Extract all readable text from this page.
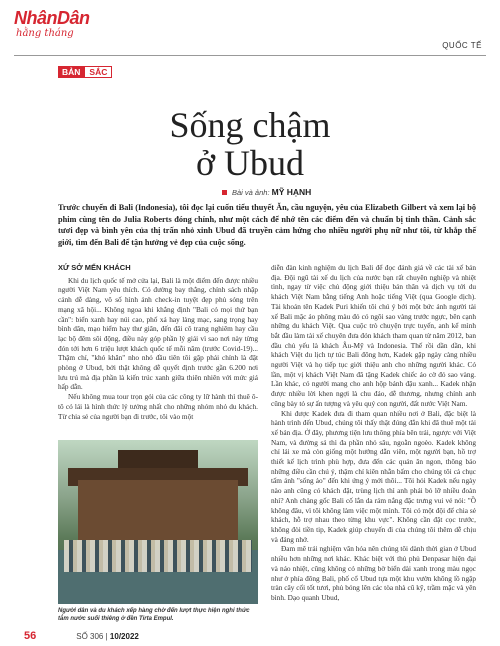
NhânDân
hằng tháng
QUỐC TẾ
BẢN	SẮC
Sống chậm
ở Ubud
Bài và ảnh: MỸ HẠNH
Trước chuyến đi Bali (Indonesia), tôi đọc lại cuốn tiểu thuyết Ăn, cầu nguyện, yêu của Elizabeth Gilbert và xem lại bộ phim cùng tên do Julia Roberts đóng chính, như một cách để nhớ tên các điểm đến và chuẩn bị tinh thần. Cảnh sắc tươi đẹp và bình yên của thị trấn nhỏ xinh Ubud đã truyền cảm hứng cho nhiều người phụ nữ như tôi, từ khắp thế giới, tìm đến Bali để tận hưởng vẻ đẹp của cuộc sống.
XỨ SỞ MẾN KHÁCH

Khi du lịch quốc tế mở cửa lại, Bali là một điểm đến được nhiều người Việt Nam yêu thích. Có đường bay thẳng, chính sách nhập cảnh dễ dàng, vô số hình ảnh check-in tuyệt đẹp phủ sóng trên mạng xã hội... Không ngoa khi khẳng định "Bali có mọi thứ bạn cần": biển xanh hay núi cao, phố xá hay làng mạc, sang trọng hay bình dân, mạo hiểm hay thư giãn, đến đâi cô trang nghiêm hay cầu lạc bộ đêm sôi động, điều này góp phần lý giải vì sao nơi này từng đón tới hơn 6 triệu lượt khách quốc tế mỗi năm (trước Covid-19)... Thậm chí, "khó khăn" nho nhỏ đầu tiên tôi gặp phải chính là đặt phòng ở Ubud, bởi thật không dễ quyết định trước gần 6.200 nơi lưu trú mà địa phần là kiến trúc xanh giữa thiên nhiên với mức giá hấp dẫn.

Nếu không mua tour trọn gói của các công ty lữ hành thì thuê ô-tô có lái là hình thức lý tưởng nhất cho những nhóm nhỏ du khách. Từ chia sẻ của người bạn đi trước, tôi vào một

Người dân và du khách xếp hàng chờ đến lượt thực hiện nghi thức tắm nước suối thiêng ở đền Tirta Empul.

diễn đàn kinh nghiệm du lịch Bali để đọc đánh giá về các tài xế bản địa. Đội ngũ tài xế du lịch của nước bạn rất chuyên nghiệp và nhiệt tình, ngay từ việc chủ động giới thiệu bản thân và dịch vụ tới du khách Việt Nam bằng tiếng Anh hoặc tiếng Việt (qua Google dịch). Tài khoản tên Kadek Puri khiến tôi chú ý bởi một bức ảnh người tài xế Bali mặc áo phông màu đỏ có ngôi sao vàng trước ngực, bên cạnh những du khách Việt. Qua cuộc trò chuyện trực tuyến, anh kể mình bắt đầu làm tài xế chuyên đưa đón khách tham quan từ năm 2012, ban đầu chủ yếu là khách Âu-Mỹ và Indonesia. Thế rồi dần dần, khi khách Việt du lịch tự túc Bali đông hơn, Kadek gặp ngày càng nhiều người Việt và họ tiếp tục giới thiệu anh cho những người khác. Có lần, một vị khách Việt Nam đã tặng Kadek chiếc áo cờ đỏ sao vàng. Lần khác, có người mang cho anh hộp bánh đậu xanh... Kadek nhận được nhiều lời khen ngợi là chu đáo, dễ thương, nhưng chính anh cũng bày tỏ sự ấn tượng và yêu quý con người, đất nước Việt Nam.

Khi được Kadek đưa đi tham quan nhiều nơi ở Bali, đặc biệt là hành trình đến Ubud, chúng tôi thấy thật đúng đắn khi đã thuê một tài xế bản địa. Ở đây, phương tiện lưu thông phía bên trái, ngược với Việt Nam, và đường sá thì đa phần nhỏ sâu, ngoằn ngoèo. Kadek không chỉ lái xe mà còn giống một hướng dẫn viên, một người bạn, hồ trợ thiết kế lịch trình phù hợp, đưa đến các quán ăn ngon, thông báo những điều cần chú ý, thậm chí kiên nhẫn bấm cho chúng tôi cả chục tấm ảnh "sống ảo" đến khi ứng ý mới thôi... Tôi hỏi Kadek nếu ngày nào anh cũng có khách đặt, trùng lịch thì anh phải bỏ lỡ nhiều đoàn nhỉ? Anh chàng gốc Bali cố lắn da rám nắng đặc trưng vui vẻ nói: "Ồ không đâu, vì tôi không làm việc một mình. Tôi có một đội để chia sẻ khách, hỗ trợ nhau theo từng khu vực". Không cần đặt cọc trước, không đòi tiền tip, Kadek giúp chuyến đi của chúng tôi thêm dễ chịu và đáng nhớ.

Đam mê trải nghiệm văn hóa nên chúng tôi dành thời gian ở Ubud nhiều hơn những nơi khác. Khác biệt với thủ phủ Denpasar hiện đại và náo nhiệt, cũng không có những bờ biển dài xanh trong màu ngọc như ở phía đông Bali, phố cổ Ubud tựa một khu vườn không lồ ngập tràn cây cối tốt tươi, phủ bóng lên các tòa nhà cũ kỹ, trầm mặc và yên bình. Dạo quanh Ubud,

56	SỐ 306 | 10/2022
